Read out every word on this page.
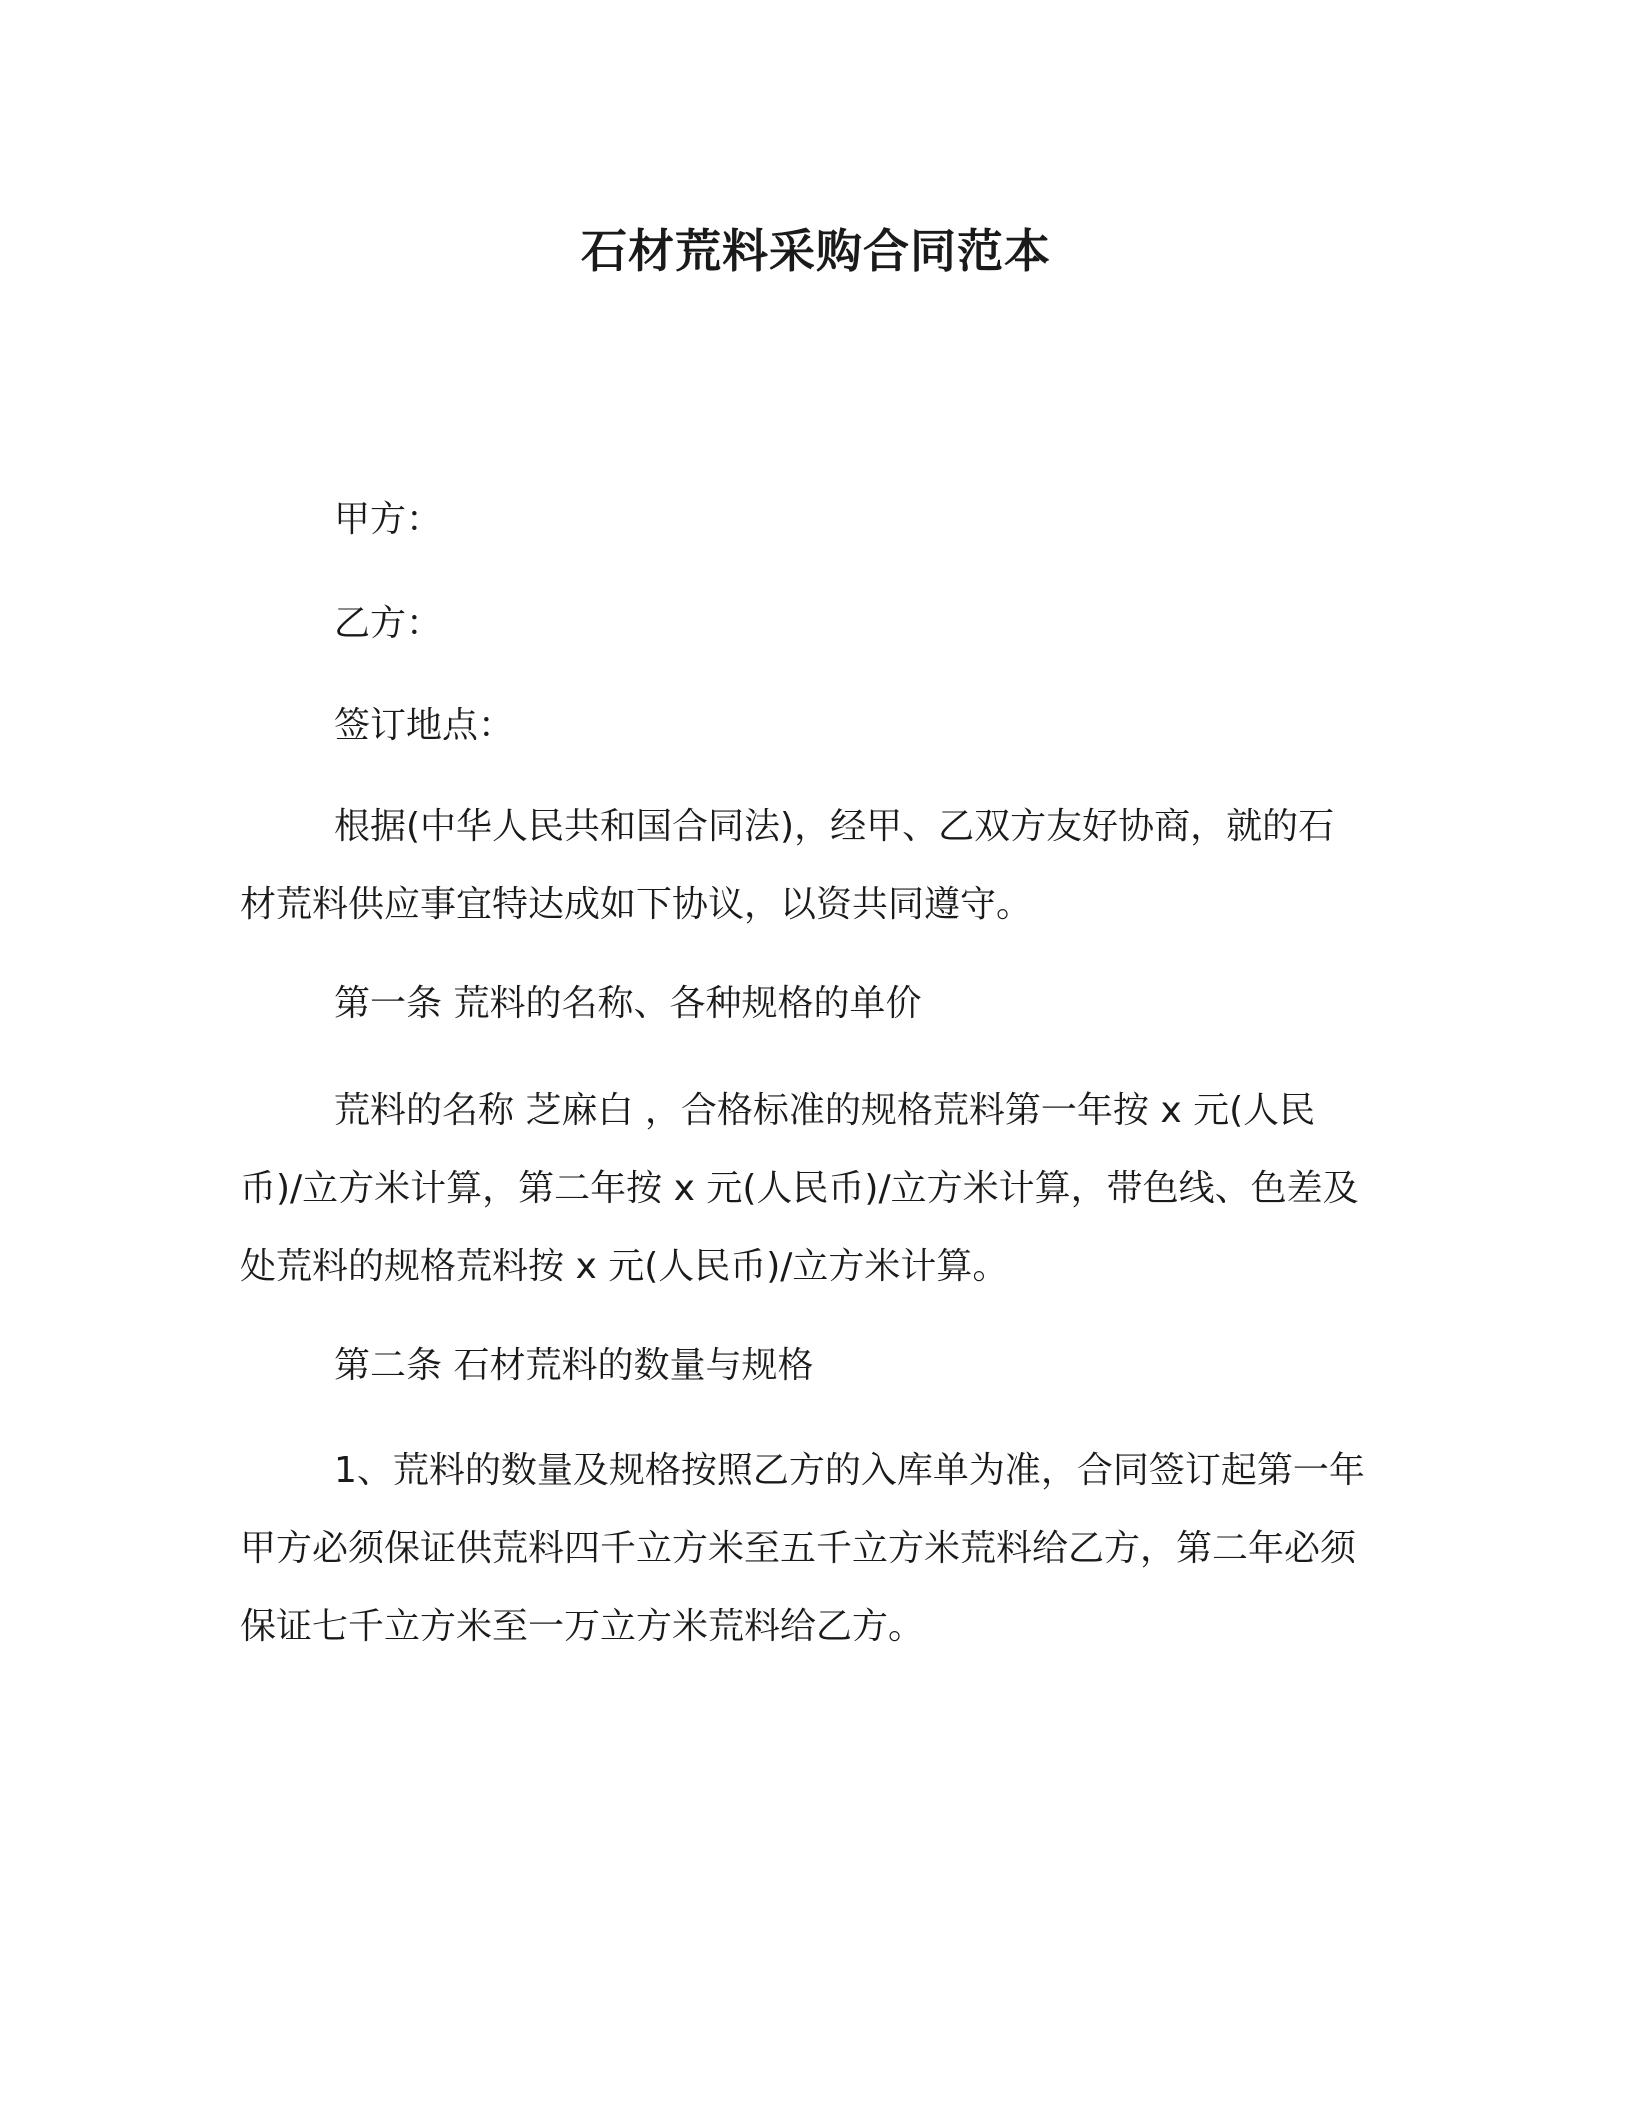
石材荒料采购合同范本

甲方：

乙方：

签订地点：

根据(中华人民共和国合同法)，经甲、乙双方友好协商，就的石材荒料供应事宜特达成如下协议，以资共同遵守。

第一条 荒料的名称、各种规格的单价

荒料的名称 芝麻白 ，合格标准的规格荒料第一年按 x 元(人民币)/立方米计算，第二年按 x 元(人民币)/立方米计算，带色线、色差及处荒料的规格荒料按 x 元(人民币)/立方米计算。

第二条 石材荒料的数量与规格

1、荒料的数量及规格按照乙方的入库单为准，合同签订起第一年甲方必须保证供荒料四千立方米至五千立方米荒料给乙方，第二年必须保证七千立方米至一万立方米荒料给乙方。
